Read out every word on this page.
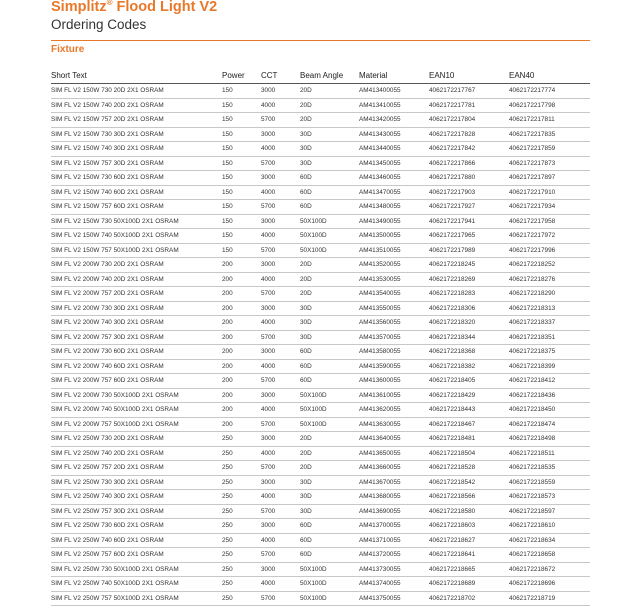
Simplitz® Flood Light V2
Ordering Codes
Fixture
Short Text	Power	CCT	Beam Angle	Material	EAN10	EAN40
SIM FL V2 150W 730 20D 2X1 OSRAM	150	3000	20D	AM413400055	4062172217767	4062172217774
SIM FL V2 150W 740 20D 2X1 OSRAM	150	4000	20D	AM413410055	4062172217781	4062172217798
SIM FL V2 150W 757 20D 2X1 OSRAM	150	5700	20D	AM413420055	4062172217804	4062172217811
SIM FL V2 150W 730 30D 2X1 OSRAM	150	3000	30D	AM413430055	4062172217828	4062172217835
SIM FL V2 150W 740 30D 2X1 OSRAM	150	4000	30D	AM413440055	4062172217842	4062172217859
SIM FL V2 150W 757 30D 2X1 OSRAM	150	5700	30D	AM413450055	4062172217866	4062172217873
SIM FL V2 150W 730 60D 2X1 OSRAM	150	3000	60D	AM413460055	4062172217880	4062172217897
SIM FL V2 150W 740 60D 2X1 OSRAM	150	4000	60D	AM413470055	4062172217903	4062172217910
SIM FL V2 150W 757 60D 2X1 OSRAM	150	5700	60D	AM413480055	4062172217927	4062172217934
SIM FL V2 150W 730 50X100D 2X1 OSRAM	150	3000	50X100D	AM413490055	4062172217941	4062172217958
SIM FL V2 150W 740 50X100D 2X1 OSRAM	150	4000	50X100D	AM413500055	4062172217965	4062172217972
SIM FL V2 150W 757 50X100D 2X1 OSRAM	150	5700	50X100D	AM413510055	4062172217989	4062172217996
SIM FL V2 200W 730 20D 2X1 OSRAM	200	3000	20D	AM413520055	4062172218245	4062172218252
SIM FL V2 200W 740 20D 2X1 OSRAM	200	4000	20D	AM413530055	4062172218269	4062172218276
SIM FL V2 200W 757 20D 2X1 OSRAM	200	5700	20D	AM413540055	4062172218283	4062172218290
SIM FL V2 200W 730 30D 2X1 OSRAM	200	3000	30D	AM413550055	4062172218306	4062172218313
SIM FL V2 200W 740 30D 2X1 OSRAM	200	4000	30D	AM413560055	4062172218320	4062172218337
SIM FL V2 200W 757 30D 2X1 OSRAM	200	5700	30D	AM413570055	4062172218344	4062172218351
SIM FL V2 200W 730 60D 2X1 OSRAM	200	3000	60D	AM413580055	4062172218368	4062172218375
SIM FL V2 200W 740 60D 2X1 OSRAM	200	4000	60D	AM413590055	4062172218382	4062172218399
SIM FL V2 200W 757 60D 2X1 OSRAM	200	5700	60D	AM413600055	4062172218405	4062172218412
SIM FL V2 200W 730 50X100D 2X1 OSRAM	200	3000	50X100D	AM413610055	4062172218429	4062172218436
SIM FL V2 200W 740 50X100D 2X1 OSRAM	200	4000	50X100D	AM413620055	4062172218443	4062172218450
SIM FL V2 200W 757 50X100D 2X1 OSRAM	200	5700	50X100D	AM413630055	4062172218467	4062172218474
SIM FL V2 250W 730 20D 2X1 OSRAM	250	3000	20D	AM413640055	4062172218481	4062172218498
SIM FL V2 250W 740 20D 2X1 OSRAM	250	4000	20D	AM413650055	4062172218504	4062172218511
SIM FL V2 250W 757 20D 2X1 OSRAM	250	5700	20D	AM413660055	4062172218528	4062172218535
SIM FL V2 250W 730 30D 2X1 OSRAM	250	3000	30D	AM413670055	4062172218542	4062172218559
SIM FL V2 250W 740 30D 2X1 OSRAM	250	4000	30D	AM413680055	4062172218566	4062172218573
SIM FL V2 250W 757 30D 2X1 OSRAM	250	5700	30D	AM413690055	4062172218580	4062172218597
SIM FL V2 250W 730 60D 2X1 OSRAM	250	3000	60D	AM413700055	4062172218603	4062172218610
SIM FL V2 250W 740 60D 2X1 OSRAM	250	4000	60D	AM413710055	4062172218627	4062172218634
SIM FL V2 250W 757 60D 2X1 OSRAM	250	5700	60D	AM413720055	4062172218641	4062172218658
SIM FL V2 250W 730 50X100D 2X1 OSRAM	250	3000	50X100D	AM413730055	4062172218665	4062172218672
SIM FL V2 250W 740 50X100D 2X1 OSRAM	250	4000	50X100D	AM413740055	4062172218689	4062172218696
SIM FL V2 250W 757 50X100D 2X1 OSRAM	250	5700	50X100D	AM413750055	4062172218702	4062172218719
